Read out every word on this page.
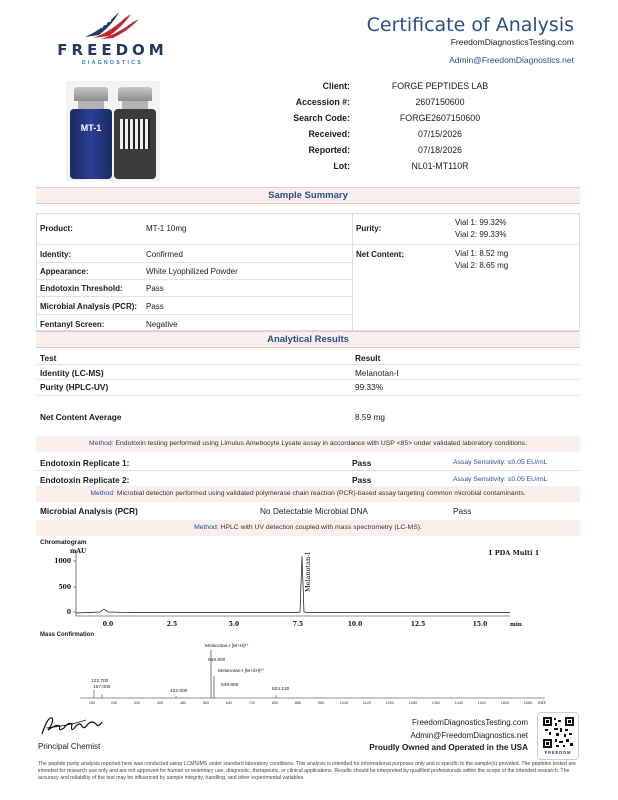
FREEDOM
DIAGNOSTICS
Certificate of Analysis
FreedomDiagnosticsTesting.com
Admin@FreedomDiagnostics.net
MT-1
Client:	FORGE PEPTIDES LAB
Accession #:	2607150600
Search Code:	FORGE2607150600
Received:	07/15/2026
Reported:	07/18/2026
Lot:	NL01-MT110R
Sample Summary
Product:	MT-1 10mg	Purity:
Vial 1: 99.32%
Vial 2: 99.33%
Identity:	Confirmed	Net Content:	Vial 1: 8.52 mg
Vial 2: 8.65 mg
Appearance:	White Lyophilized Powder
Endotoxin Threshold:	Pass
Microbial Analysis (PCR): Pass
Fentanyl Screen:	Negative
Analytical Results
Test	Result
Identity (LC-MS)	Melanotan-I
Purity (HPLC-UV)	99.33%
Net Content Average	8.59 mg
Method: Endotoxin testing performed using Limulus Amebocyte Lysate assay in accordance with USP <85> under validated laboratory conditions.
Endotoxin Replicate 1:	Pass	Assay Sensitivity: ≤0.05 EU/mL
Endotoxin Replicate 2:	Pass	Assay Sensitivity: ≤0.05 EU/mL
Method: Microbial detection performed using validated polymerase chain reaction (PCR)-based assay targeting common microbial contaminants.
Microbial Analysis (PCR)	No Detectable Microbial DNA	Pass
Method: HPLC with UV detection coupled with mass spectrometry (LC-MS).
Chromatogram
mAU
1000
500
0
1 PDA Multi 1
0.0	2.5	5.0	7.5	10.0	12.5	15.0	min
Melanotan-I
Mass Confirmation
Melanotan-I [M+H]¹⁺
549.800
Melanotan-I [M+2H]²⁺
549.800
122.700
167.000
422.000	824.130
m/z
160	240	320	400	480	560	640	720	800	880	960	1040	1120	1200	1280	1360	1440	1520	1600	1680
Principal Chemist
FreedomDiagnosticsTesting.com
Admin@FreedomDiagnostics.net
Proudly Owned and Operated in the USA
FREEDOM
The peptide purity analysis reported here was conducted using LCMS/MS under standard laboratory conditions. This analysis is intended for informational purposes only and is specific to the sample(s) provided. The peptides tested are intended for research use only and are not approved for human or veterinary use, diagnostic, therapeutic, or clinical applications. Results should be interpreted by qualified professionals within the scope of the intended research. The accuracy and reliability of the test may be influenced by sample integrity, handling, and other experimental variables.
